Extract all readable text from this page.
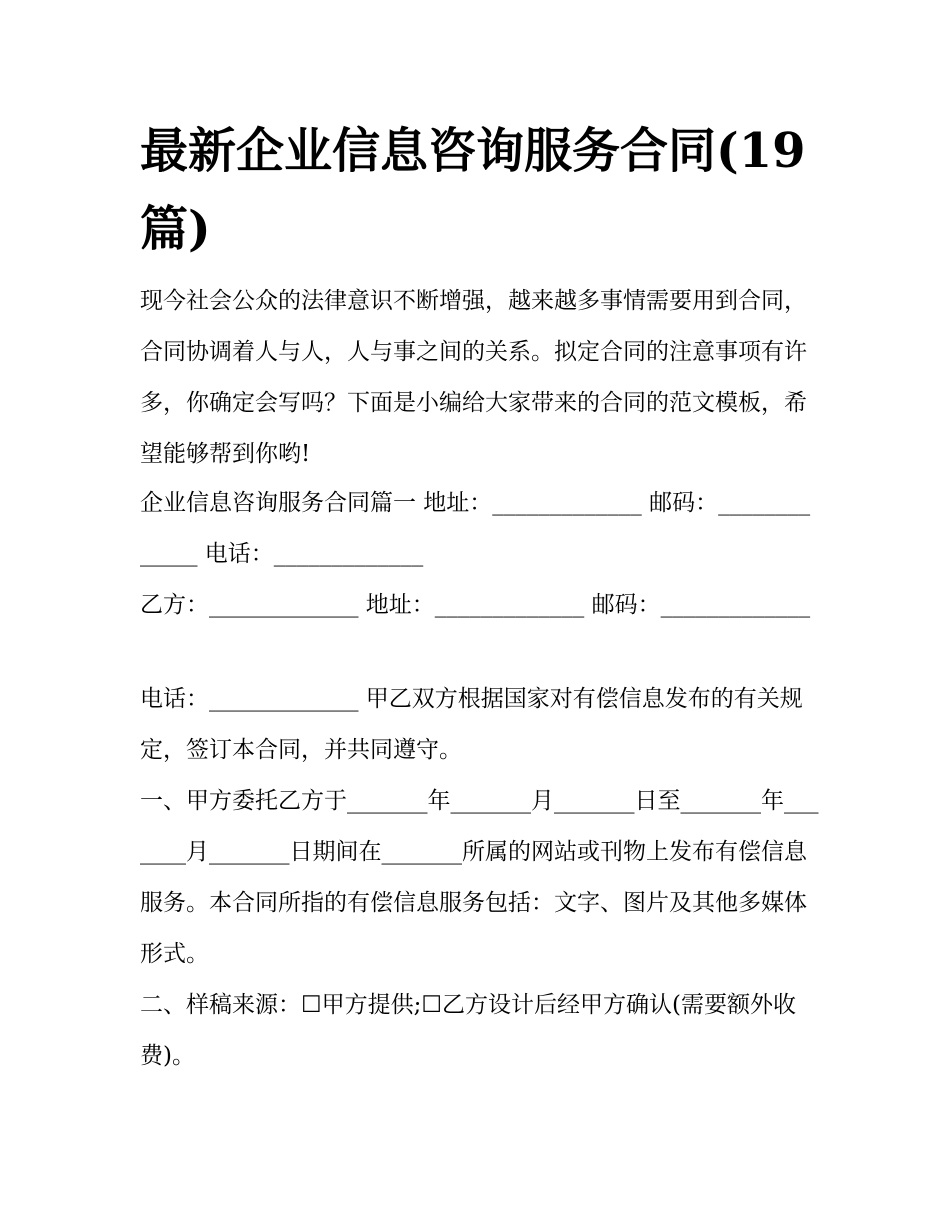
最新企业信息咨询服务合同(19篇)

现今社会公众的法律意识不断增强，越来越多事情需要用到合同，合同协调着人与人，人与事之间的关系。拟定合同的注意事项有许多，你确定会写吗？下面是小编给大家带来的合同的范文模板，希望能够帮到你哟!

企业信息咨询服务合同篇一 地址：_____________ 邮码：_____________ 电话：_____________

乙方：_____________ 地址：_____________ 邮码：_____________

电话：_____________ 甲乙双方根据国家对有偿信息发布的有关规定，签订本合同，并共同遵守。

一、甲方委托乙方于_______年_______月_______日至_______年_______月_______日期间在_______所属的网站或刊物上发布有偿信息服务。本合同所指的有偿信息服务包括：文字、图片及其他多媒体形式。

二、样稿来源：☐甲方提供;☐乙方设计后经甲方确认(需要额外收费)。
